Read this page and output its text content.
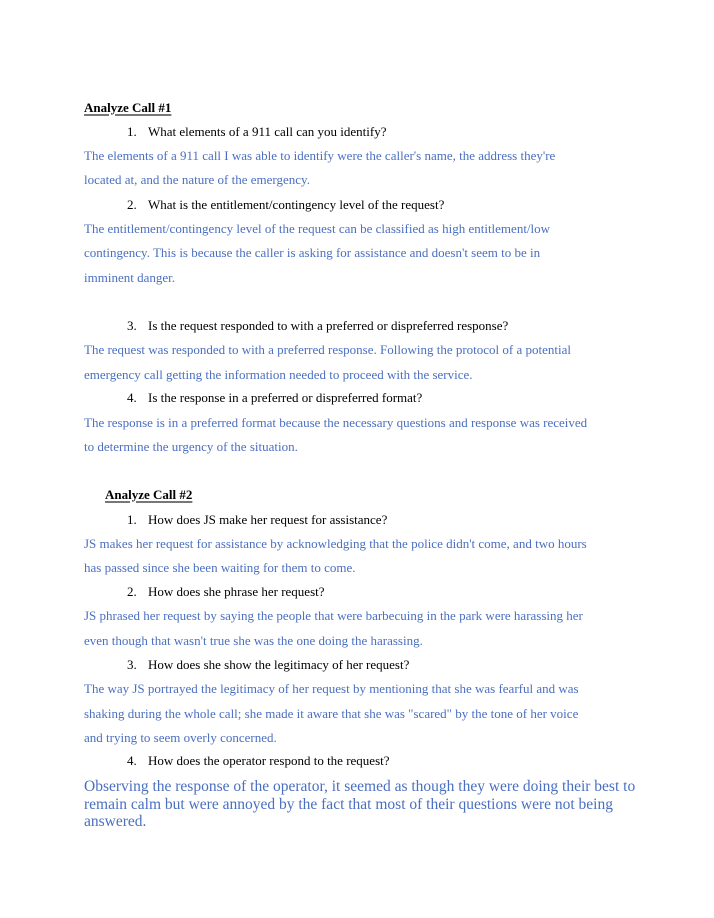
Analyze Call #1
1. What elements of a 911 call can you identify?
The elements of a 911 call I was able to identify were the caller's name, the address they're
located at, and the nature of the emergency.
2. What is the entitlement/contingency level of the request?
The entitlement/contingency level of the request can be classified as high entitlement/low
contingency. This is because the caller is asking for assistance and doesn't seem to be in
imminent danger.
3. Is the request responded to with a preferred or dispreferred response?
The request was responded to with a preferred response. Following the protocol of a potential
emergency call getting the information needed to proceed with the service.
4. Is the response in a preferred or dispreferred format?
The response is in a preferred format because the necessary questions and response was received
to determine the urgency of the situation.
Analyze Call #2
1. How does JS make her request for assistance?
JS makes her request for assistance by acknowledging that the police didn't come, and two hours
has passed since she been waiting for them to come.
2. How does she phrase her request?
JS phrased her request by saying the people that were barbecuing in the park were harassing her
even though that wasn't true she was the one doing the harassing.
3. How does she show the legitimacy of her request?
The way JS portrayed the legitimacy of her request by mentioning that she was fearful and was
shaking during the whole call; she made it aware that she was "scared" by the tone of her voice
and trying to seem overly concerned.
4. How does the operator respond to the request?
Observing the response of the operator, it seemed as though they were doing their best to remain calm but were annoyed by the fact that most of their questions were not being answered.
